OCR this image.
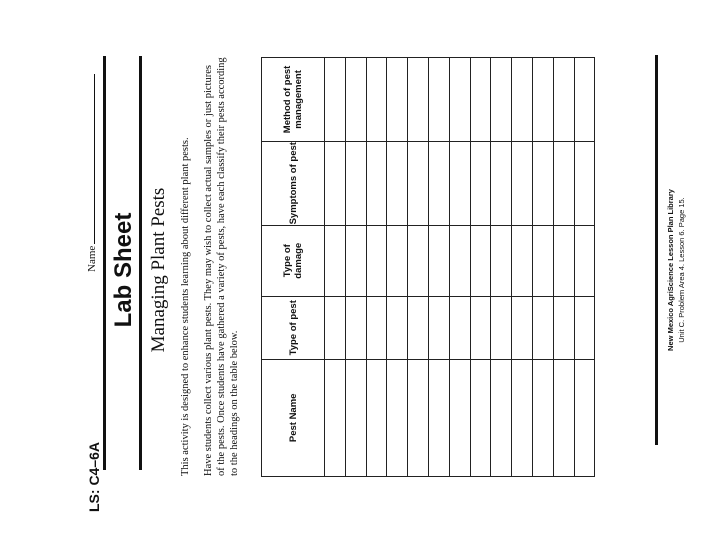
LS: C4–6A
Name Lab Sheet Managing Plant Pests This activity is designed to enhance students learning about different plant pests. Have students collect various plant pests. They may wish to collect actual samples or just pictures of the pests. Once students have gathered a variety of pests, have each classify their pests according to the headings on the table below.	Pest Name	Type of pest	Type of damage	Symptoms of pest	Method of pest management

New Mexico AgriScience Lesson Plan Library Unit C. Problem Area 4. Lesson 6. Page 15.
